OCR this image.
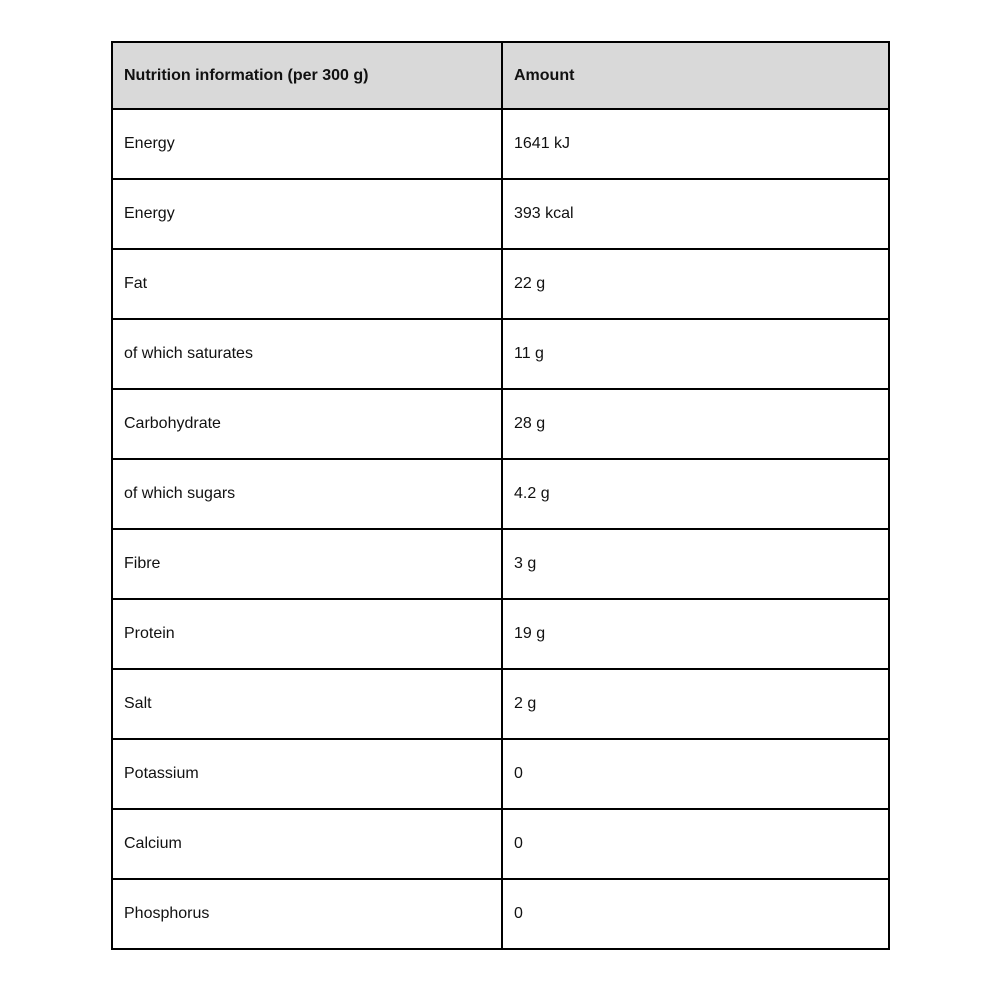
Nutrition information (per 300 g)	Amount
Energy	1641 kJ
Energy	393 kcal
Fat	22 g
of which saturates	11 g
Carbohydrate	28 g
of which sugars	4.2 g
Fibre	3 g
Protein	19 g
Salt	2 g
Potassium	0
Calcium	0
Phosphorus	0
